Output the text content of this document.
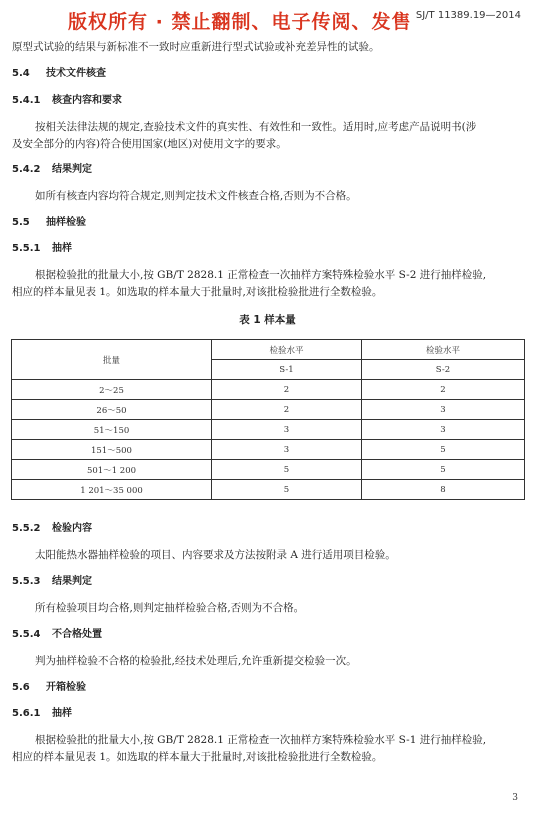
版权所有 · 禁止翻制、电子传阅、发售 SJ/T 11389.19—2014
原型式试验的结果与新标准不一致时应重新进行型式试验或补充差异性的试验。
5.4 技术文件核查
5.4.1 核查内容和要求
按相关法律法规的规定,查验技术文件的真实性、有效性和一致性。适用时,应考虑产品说明书(涉
及安全部分的内容)符合使用国家(地区)对使用文字的要求。
5.4.2 结果判定
如所有核查内容均符合规定,则判定技术文件核查合格,否则为不合格。
5.5 抽样检验
5.5.1 抽样
根据检验批的批量大小,按 GB/T 2828.1 正常检查一次抽样方案特殊检验水平 S-2 进行抽样检验,
相应的样本量见表 1。如选取的样本量大于批量时,对该批检验批进行全数检验。
表 1 样本量
批量	检验水平	检验水平
	S-1	S-2
2～25	2	2
26～50	2	3
51～150	3	3
151～500	3	5
501～1 200	5	5
1 201～35 000	5	8
5.5.2 检验内容
太阳能热水器抽样检验的项目、内容要求及方法按附录 A 进行适用项目检验。
5.5.3 结果判定
所有检验项目均合格,则判定抽样检验合格,否则为不合格。
5.5.4 不合格处置
判为抽样检验不合格的检验批,经技术处理后,允许重新提交检验一次。
5.6 开箱检验
5.6.1 抽样
根据检验批的批量大小,按 GB/T 2828.1 正常检查一次抽样方案特殊检验水平 S-1 进行抽样检验,
相应的样本量见表 1。如选取的样本量大于批量时,对该批检验批进行全数检验。
3
